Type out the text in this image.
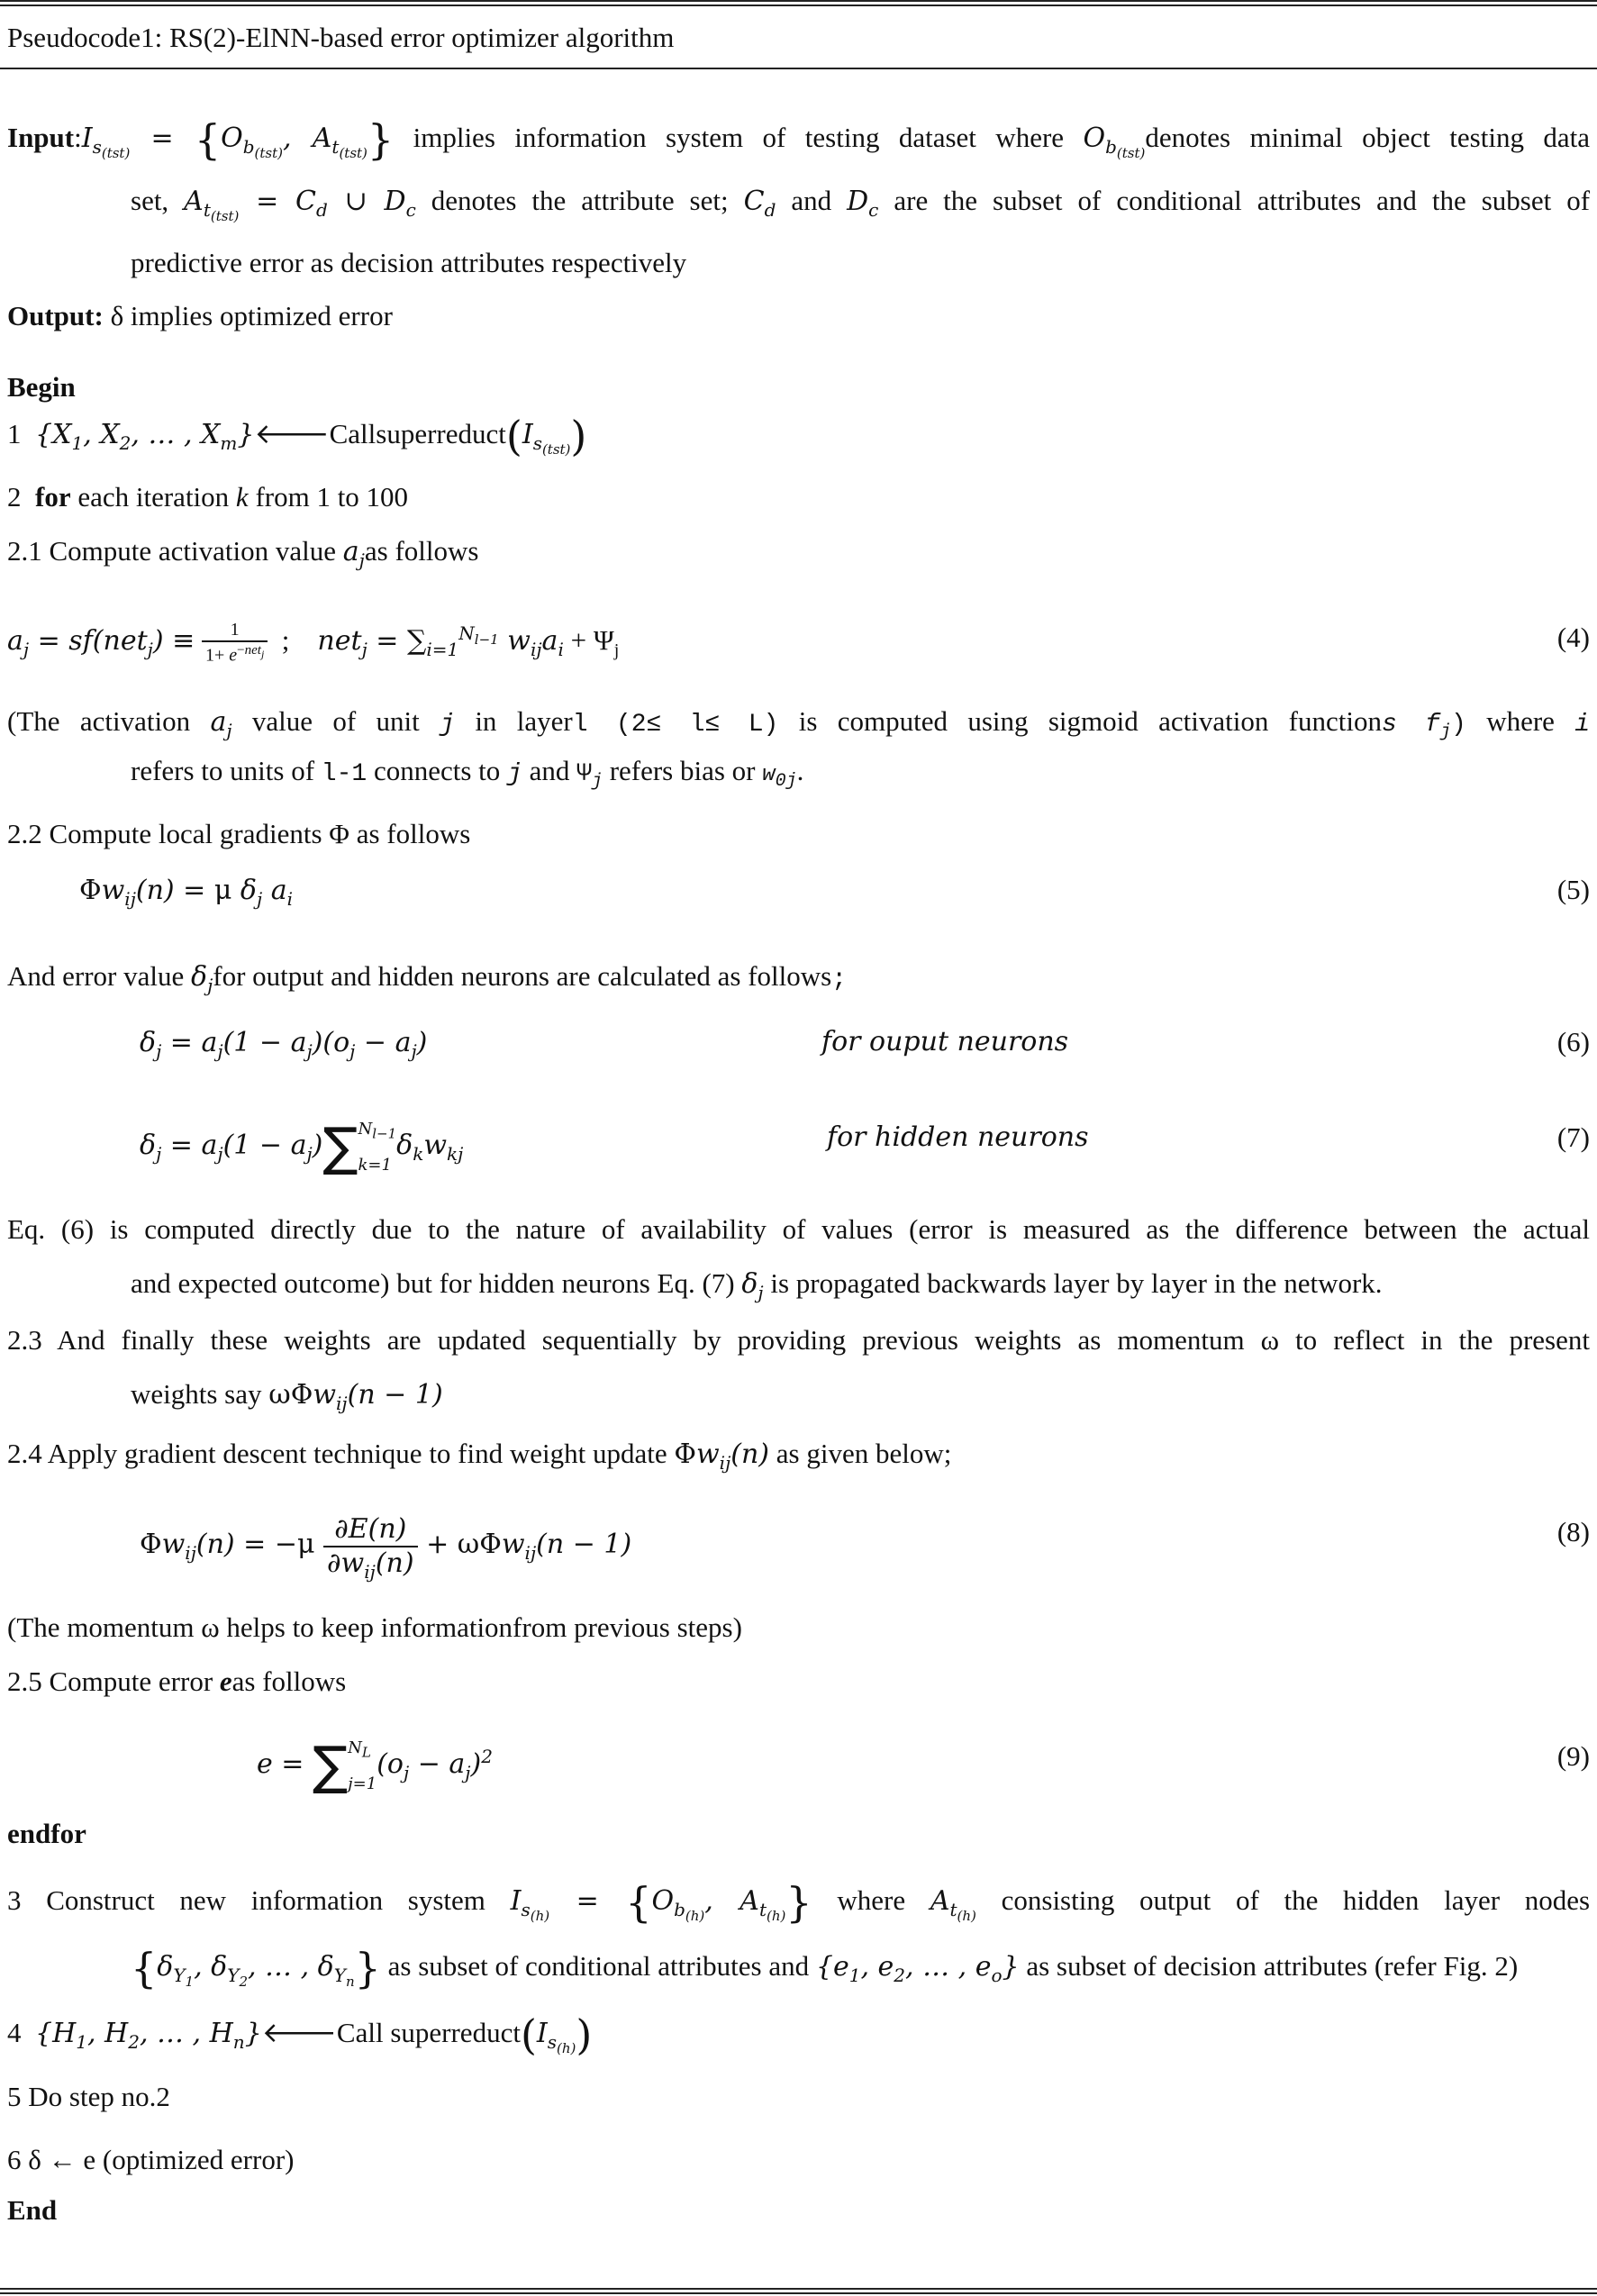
Pseudocode1: RS(2)-ElNN-based error optimizer algorithm
$Input:I_{s_{(tst)}} = \{O_{b_{(tst)}}$, $A_{t_{(tst)}}$} implies information system of testing dataset where $O_{b_{(tst)}}denotes$ minimal object testing data
set, $A_{t_{(tst)}} = C_d$ ∪ $D_c$ denotes the attribute set; $C_d$ and $D_c$ are the subset of conditional attributes and the subset of
predictive error as decision attributes respectively
Output: δ implies optimized error
Begin
1 {$X_1$, $X_2$, … , $X_m\}🡐Callsuperreduct(I_{s_{(tst)}})$
2 for each iteration k from 1 to 100
2.1 Compute activation value $a_jas$ follows
$a_j = sf(net_j) \equiv \frac{1}{1+ e^{-net_j}}$ ;    $net_j = \sum_{i=1}^{N_{l-1}}$ $w_{ij}a_i + \Psi_j$	(4)
(The activation $a_j$ value of unit j in layerl (2≤ l≤ L) is computed using sigmoid activation functions $f_j$) where i
refers to units of l-1 connects to j and $\Psi_j$ refers bias or $w_{0j}$.
2.2 Compute local gradients Φ as follows
$\Phi w_{ij}(n) = \mu$ $\delta_j$ $a_i$	(5)
And error value $\delta_jfor$ output and hidden neurons are calculated as follows;
$\delta_j = a_j(1 - a_j)(o_j - a_j)$	for ouput neurons	(6)
$\delta_j = a_j(1 - a_j)\sum$ $N_{l-1}$
k=1
$\delta_kw_{kj}$
for hidden neurons	(7)
Eq. (6) is computed directly due to the nature of availability of values (error is measured as the difference between the actual
and expected outcome) but for hidden neurons Eq. (7) $\delta_j$ is propagated backwards layer by layer in the network.
2.3 And finally these weights are updated sequentially by providing previous weights as momentum ω to reflect in the present
weights say ωΦw$_{ij}$(n − 1)
2.4 Apply gradient descent technique to find weight update $\Phi w_{ij}(n)$ as given below;
$\Phi w_{ij}(n) = -\mu \frac{\partial E(n)}{\partial w_{ij}(n)} + \omega\Phi w_{ij}(n - 1)$	(8)
(The momentum ω helps to keep informationfrom previous steps)
2.5 Compute error eas follows
e = ∑ $N_L$
j=1
$(o_j - a_j)^2$	(9)
endfor
3 Construct new information system $I_{s_{(h)}} = \{O_{b_{(h)}}$, $A_{t_{(h)}}$} where $A_{t_{(h)}}$ consisting output of the hidden layer nodes
{$\delta_{Y_1}$, $\delta_{Y_2}$, … , $\delta_{Y_n}$} as subset of conditional attributes and {$e_1$, $e_2$, … , $e_o$} as subset of decision attributes (refer Fig. 2)
4 {$H_1$, $H_2$, … , $H_n\}🡐Call$ $superreduct(I_{s_{(h)}})$
5 Do step no.2
6 δ ← e (optimized error)
End
